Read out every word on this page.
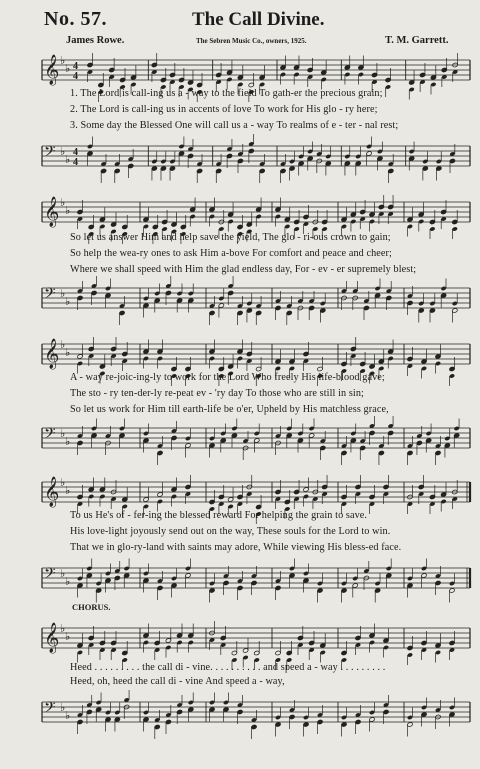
No. 57.	The Call Divine.
James Rowe.	The Sebren Music Co., owners, 1925.	T. M. Garrett.
𝄞 ♭
♭ 4
4
1. The Lord is call-ing us a - way to the field To gath-er the precious grain;
2. The Lord is call-ing us in accents of love To work for His glo - ry here;
3. Some day the Blessed One will call us a - way To realms of e - ter - nal rest;
𝄢 ♭
♭
4
4
𝄞 ♭
♭
So let us answer Him and help save the yield, The glo - ri-ous crown to gain;
So help the wea-ry ones to ask Him a-bove For comfort and peace and cheer;
Where we shall speed with Him the glad endless day, For - ev - er supremely blest;
𝄢 ♭
♭
𝄞 ♭
♭
A - way re-joic-ing-ly to work for the Lord Who freely His life-blood gave;
The sto - ry ten-der-ly re-peat ev - 'ry day To those who are still in sin;
So let us work for Him till earth-life be o'er, Upheld by His matchless grace,
𝄢 ♭
♭
𝄞 ♭
♭
To us He's of - fer-ing the blessed reward For helping the grain to save.
His love-light joyously send out on the way, These souls for the Lord to win.
That we in glo-ry-land with saints may adore, While viewing His bless-ed face.
𝄢 ♭
♭
CHORUS.
𝄞 ♭
♭
Heed . . . . . . . . . the call di - vine. . . . . . . . . . and speed a - way . . . . . . . . .
Heed, oh, heed the call di - vine And speed a - way,
𝄢 ♭
♭
